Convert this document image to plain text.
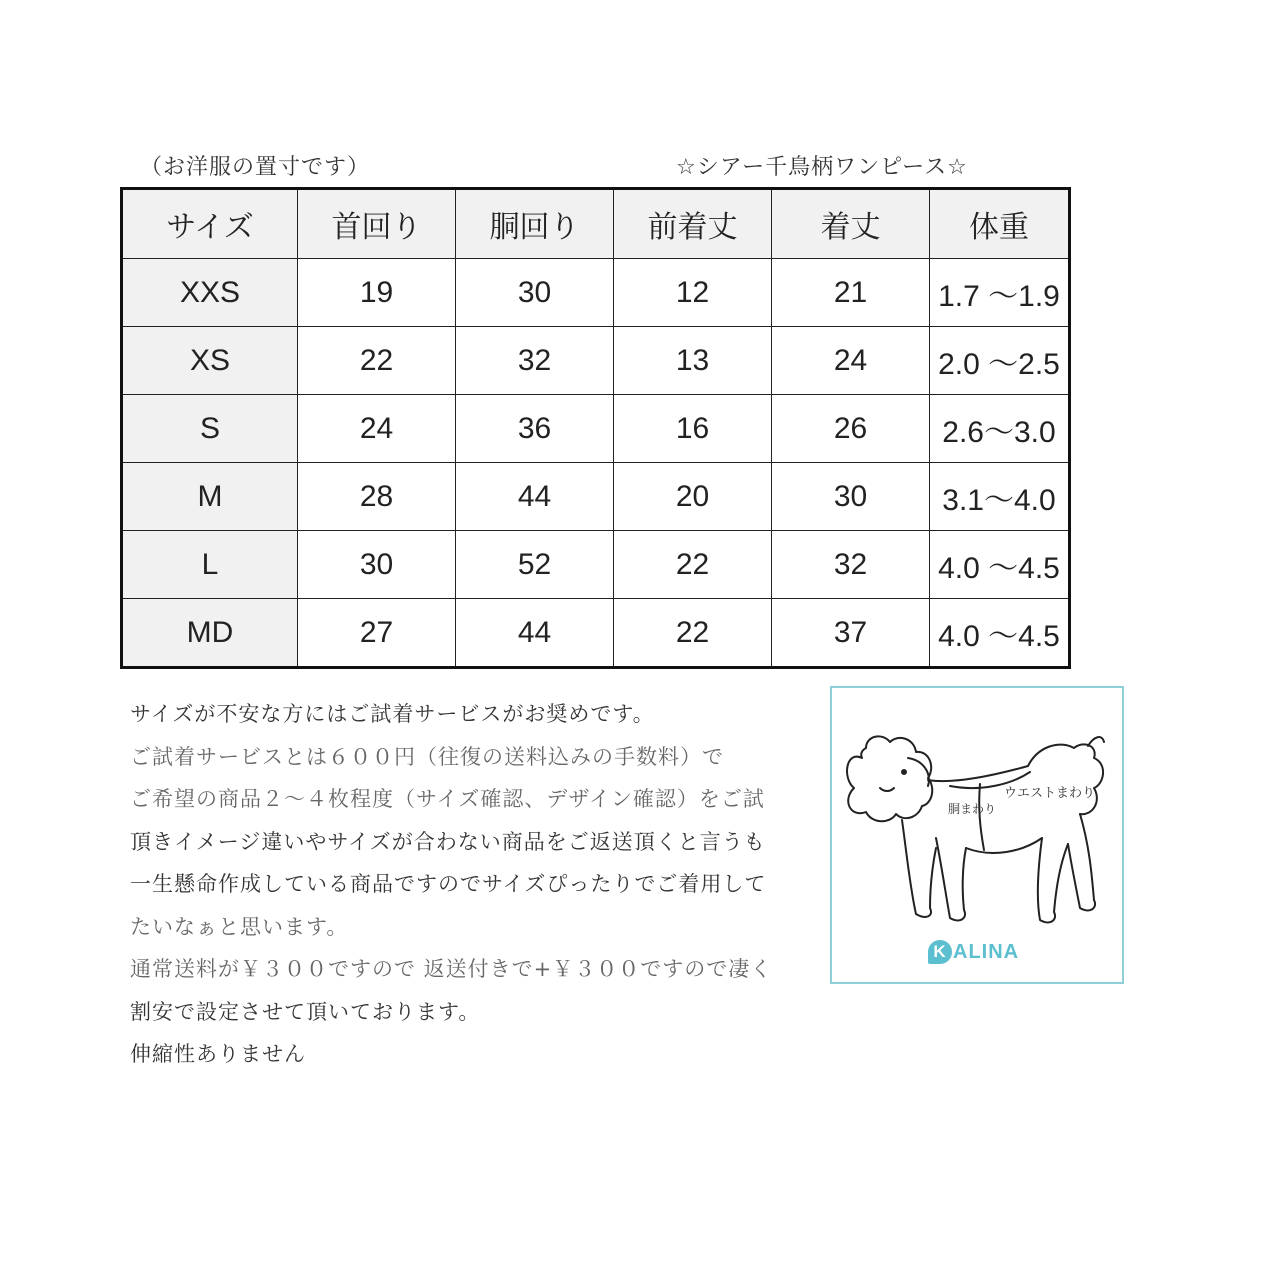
（お洋服の置寸です）	☆シアー千鳥柄ワンピース☆
サイズ	首回り	胴回り	前着丈	着丈	体重
XXS	19	30	12	21	1.7 〜1.9
XS	22	32	13	24	2.0 〜2.5
S	24	36	16	26	2.6〜3.0
M	28	44	20	30	3.1〜4.0
L	30	52	22	32	4.0 〜4.5
MD	27	44	22	37	4.0 〜4.5
サイズが不安な方にはご試着サービスがお奨めです。
ご試着サービスとは６００円（往復の送料込みの手数料）で
ご希望の商品２～４枚程度（サイズ確認、デザイン確認）をご試
頂きイメージ違いやサイズが合わない商品をご返送頂くと言うも
一生懸命作成している商品ですのでサイズぴったりでご着用して
たいなぁと思います。
通常送料が￥３００ですので 返送付きで+￥３００ですので凄く
割安で設定させて頂いております。
伸縮性ありません
ウエストまわり
胴まわり
K ALINA
